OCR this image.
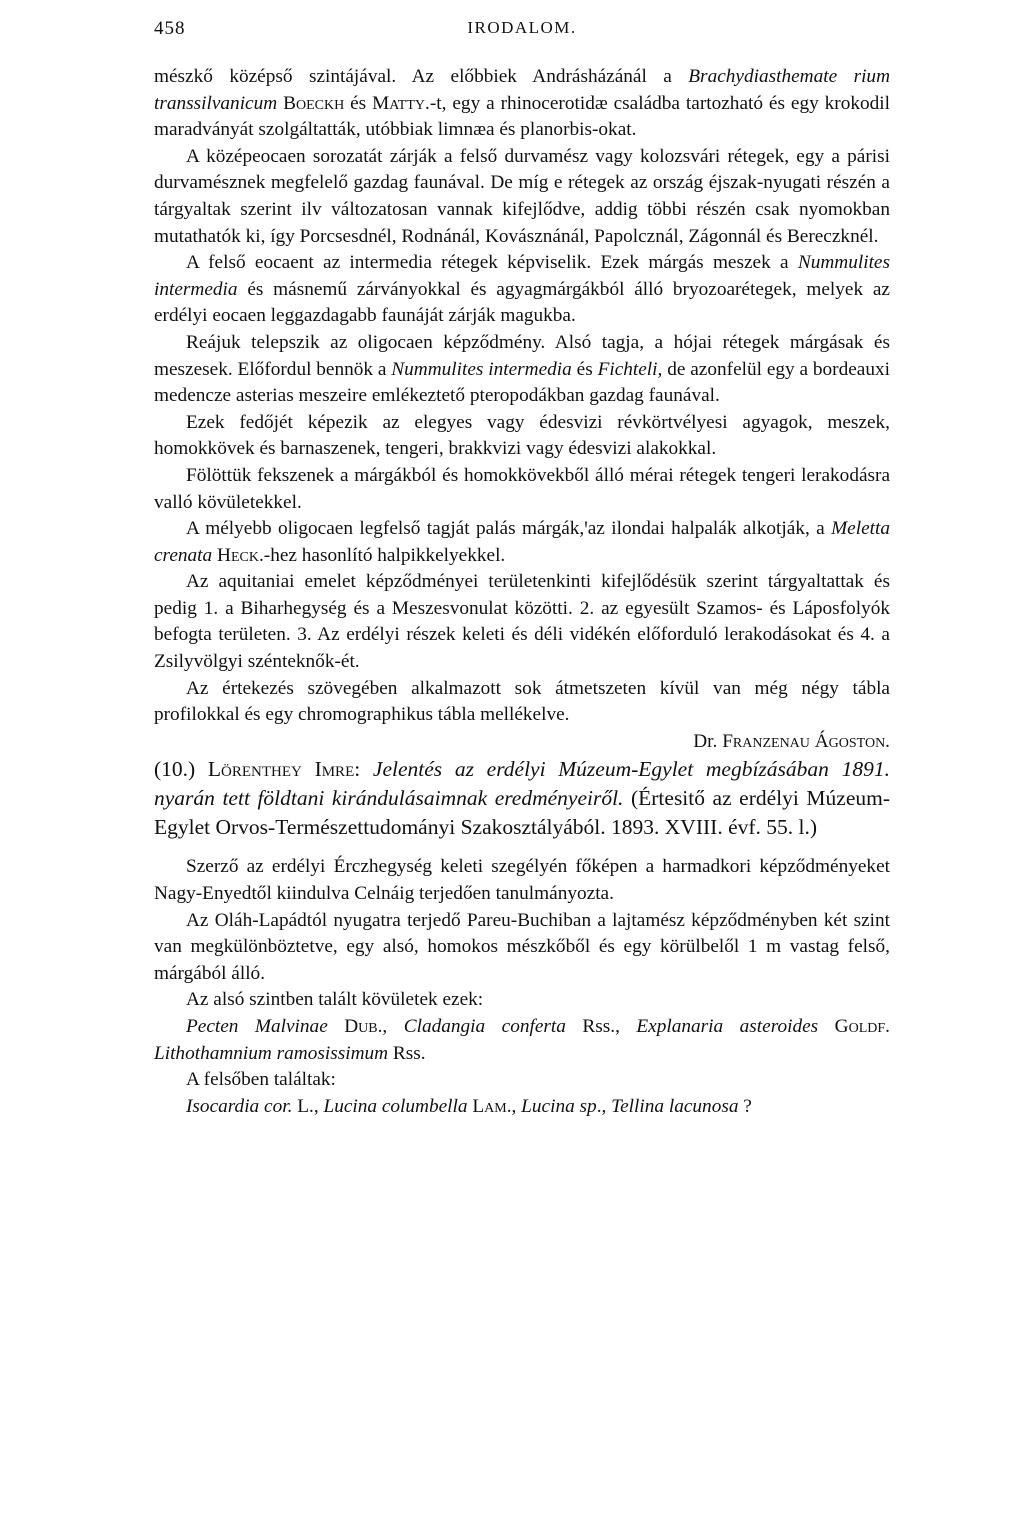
458	IRODALOM.

mészkő középső szintájával. Az előbbiek Andrásházánál a Brachydiasthemate rium transsilvanicum Boeckh és Matty.-t, egy a rhinocerotidæ családba tartozható és egy krokodil maradványát szolgáltatták, utóbbiak limnæa és planorbis-okat.

A középeocaen sorozatát zárják a felső durvamész vagy kolozsvári rétegek, egy a párisi durvamésznek megfelelő gazdag faunával. De míg e rétegek az ország éjszak-nyugati részén a tárgyaltak szerint ilv változatosan vannak kifejlődve, addig többi részén csak nyomokban mutathatók ki, így Porcsesdnél, Rodnánál, Kovásznánál, Papolcznál, Zágonnál és Bereczknél.

A felső eocaent az intermedia rétegek képviselik. Ezek márgás meszek a Nummulites intermedia és másnemű zárványokkal és agyagmárgákból álló bryozoarétegek, melyek az erdélyi eocaen leggazdagabb faunáját zárják magukba.

Reájuk telepszik az oligocaen képződmény. Alsó tagja, a hójai rétegek márgásak és meszesek. Előfordul bennök a Nummulites intermedia és Fichteli, de azonfelül egy a bordeauxi medencze asterias meszeire emlékeztető pteropodákban gazdag faunával.

Ezek fedőjét képezik az elegyes vagy édesvizi révkörtvélyesi agyagok, meszek, homokkövek és barnaszenek, tengeri, brakkvizi vagy édesvizi alakokkal.

Fölöttük fekszenek a márgákból és homokkövekből álló mérai rétegek tengeri lerakodásra valló kövületekkel.

A mélyebb oligocaen legfelső tagját palás márgák,ꞌaz ilondai halpalák alkotják, a Meletta crenata Heck.-hez hasonlító halpikkelyekkel.

Az aquitaniai emelet képződményei területenkinti kifejlődésük szerint tárgyaltattak és pedig 1. a Biharhegység és a Meszesvonulat közötti. 2. az egyesült Szamos- és Láposfolyók befogta területen. 3. Az erdélyi részek keleti és déli vidékén előforduló lerakodásokat és 4. a Zsilyvölgyi szénteknők-ét.

Az értekezés szövegében alkalmazott sok átmetszeten kívül van még négy tábla profilokkal és egy chromographikus tábla mellékelve.

Dr. Franzenau Ágoston.

(10.) Lörenthey Imre: Jelentés az erdélyi Múzeum-Egylet megbízásában 1891. nyarán tett földtani kirándulásaimnak eredményeiről. (Értesitő az erdélyi Múzeum-Egylet Orvos-Természettudományi Szakosztályából. 1893. XVIII. évf. 55. l.)

Szerző az erdélyi Érczhegység keleti szegélyén főképen a harmadkori képződményeket Nagy-Enyedtől kiindulva Celnáig terjedően tanulmányozta.

Az Oláh-Lapádtól nyugatra terjedő Pareu-Buchiban a lajtamész képződményben két szint van megkülönböztetve, egy alsó, homokos mészkőből és egy körülbelől 1 m vastag felső, márgából álló.

Az alsó szintben talált kövületek ezek:

Pecten Malvinae Dub., Cladangia conferta Rss., Explanaria asteroides Goldf. Lithothamnium ramosissimum Rss.

A felsőben találtak:

Isocardia cor. L., Lucina columbella Lam., Lucina sp., Tellina lacunosa ?
